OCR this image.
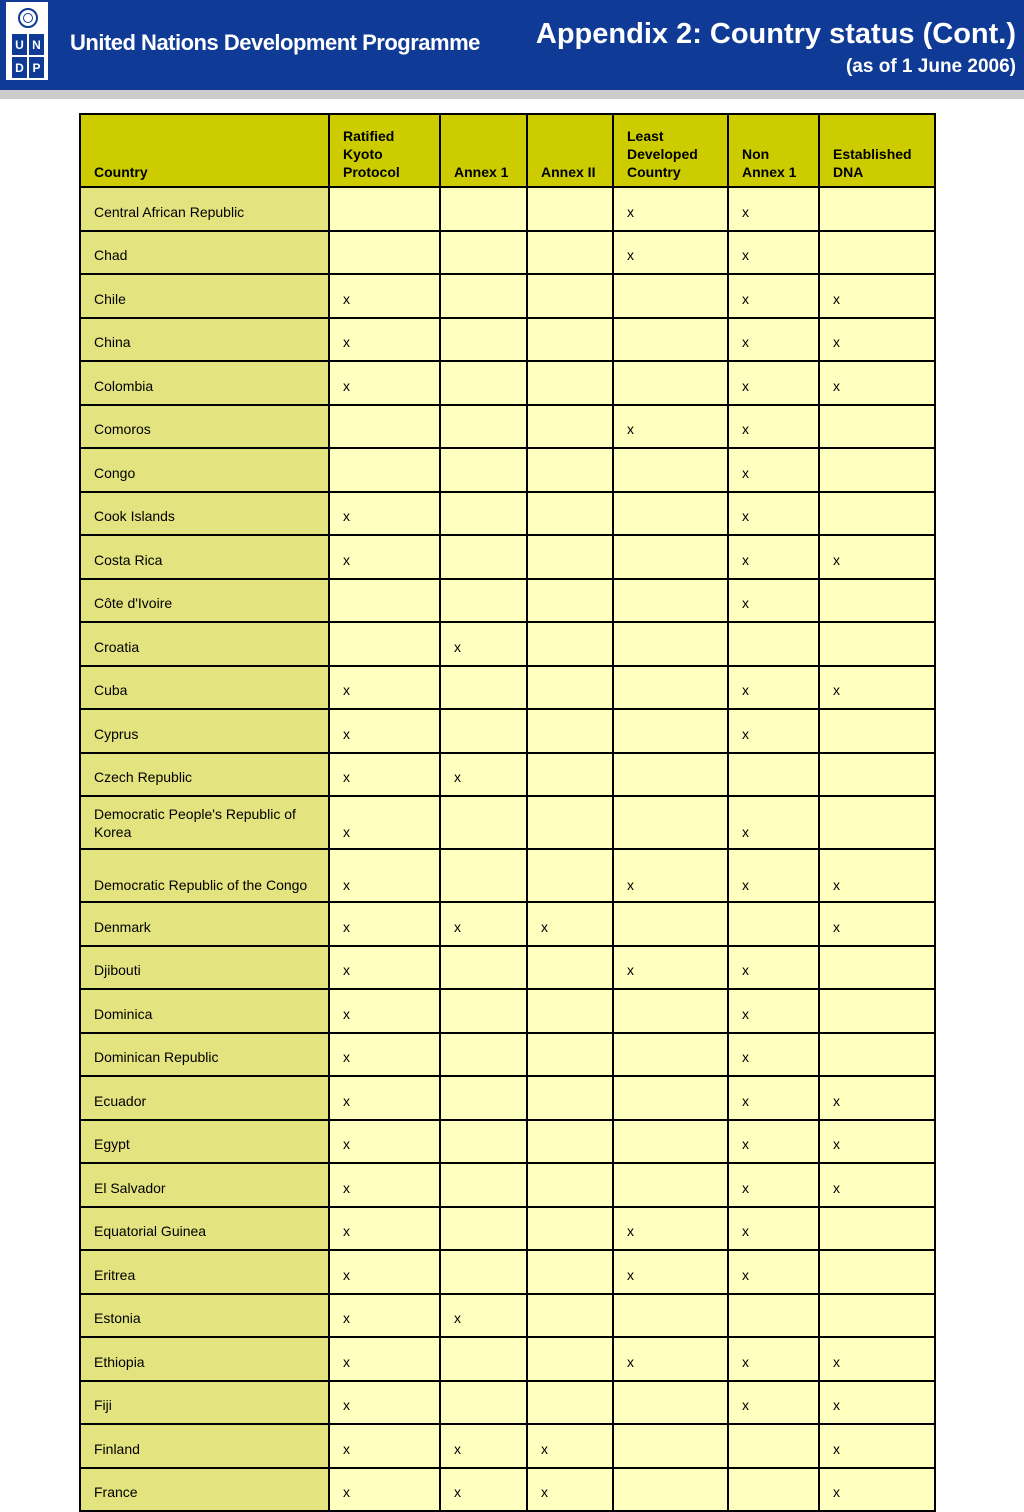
U N
D P
United Nations Development Programme Appendix 2: Country status (Cont.)
(as of 1 June 2006)
Country	Ratified Kyoto Protocol	Annex 1	Annex II	Least Developed Country	Non Annex 1	Established DNA
Central African Republic				x	x	
Chad				x	x	
Chile	x				x	x
China	x				x	x
Colombia	x				x	x
Comoros				x	x	
Congo					x	
Cook Islands	x				x	
Costa Rica	x				x	x
Côte d'Ivoire					x	
Croatia		x				
Cuba	x				x	x
Cyprus	x				x	
Czech Republic	x	x				
Democratic People's Republic of Korea	x				x	
Democratic Republic of the Congo	x			x	x	x
Denmark	x	x	x			x
Djibouti	x			x	x	
Dominica	x				x	
Dominican Republic	x				x	
Ecuador	x				x	x
Egypt	x				x	x
El Salvador	x				x	x
Equatorial Guinea	x			x	x	
Eritrea	x			x	x	
Estonia	x	x				
Ethiopia	x			x	x	x
Fiji	x				x	x
Finland	x	x	x			x
France	x	x	x			x
